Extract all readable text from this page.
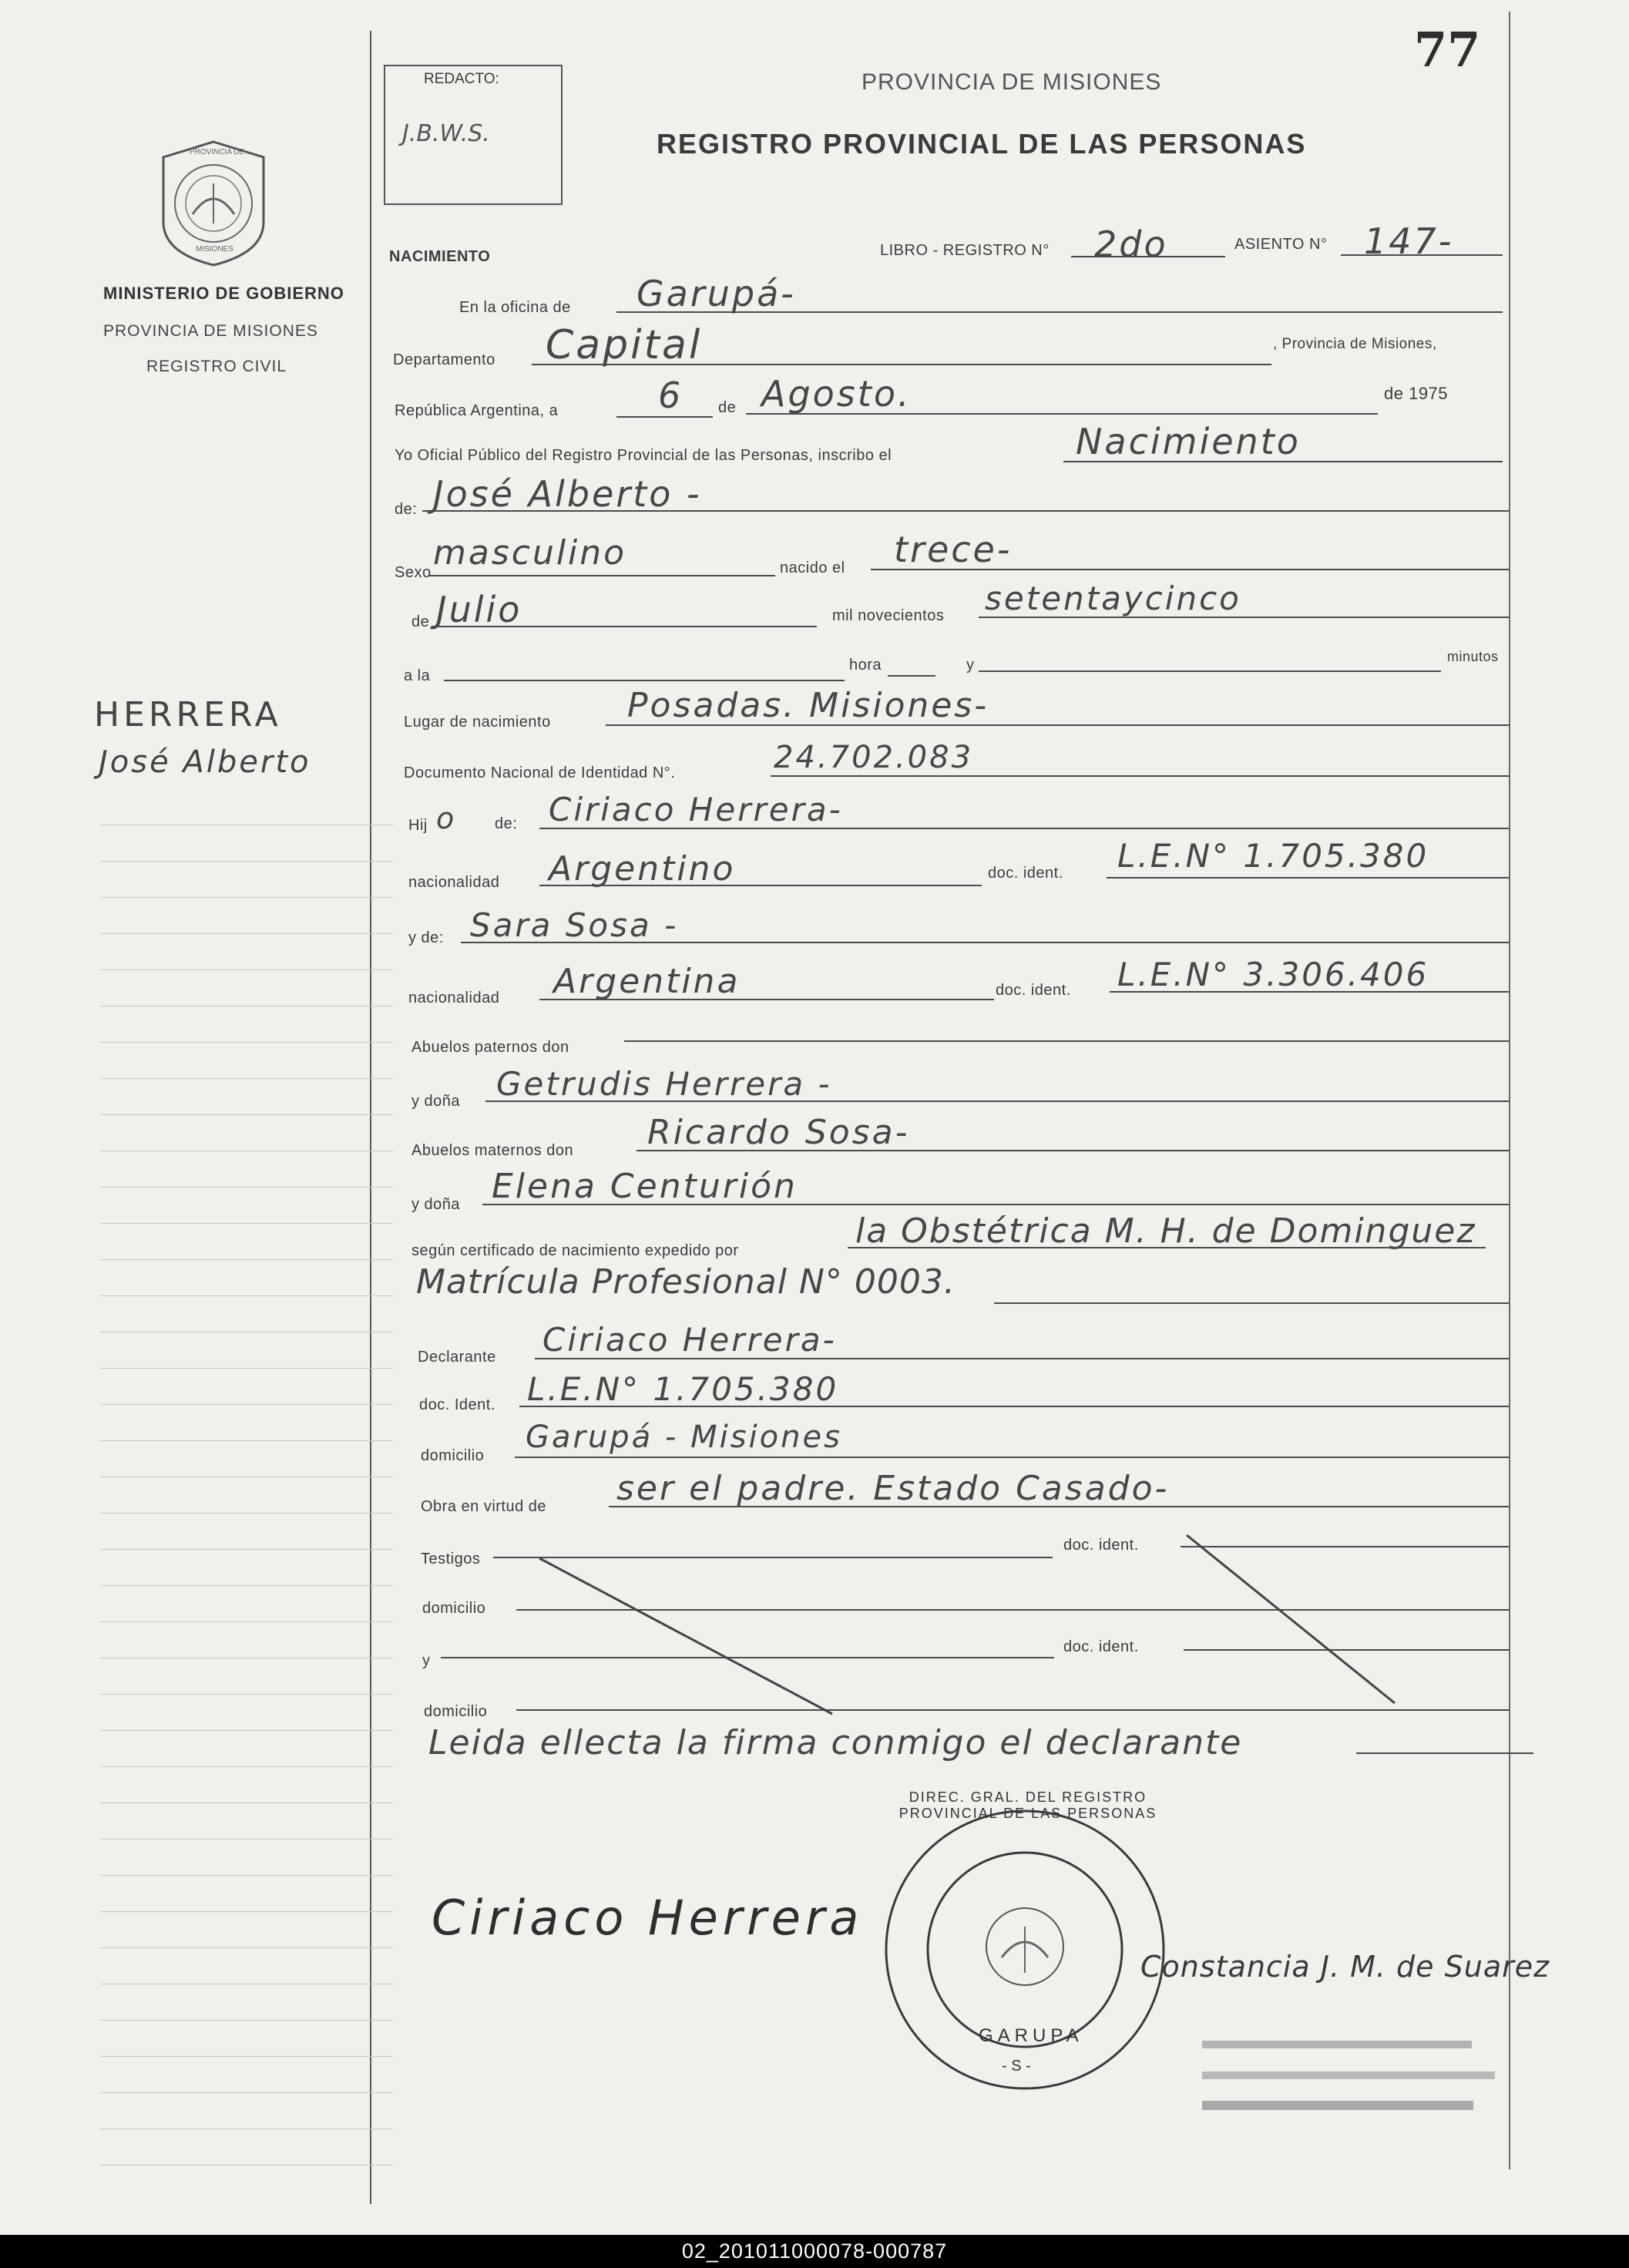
77
REDACTO:
J.B.W.S.
PROVINCIA DE MISIONES
REGISTRO PROVINCIAL DE LAS PERSONAS
PROVINCIA DE
MISIONES
MINISTERIO DE GOBIERNO
PROVINCIA DE MISIONES
REGISTRO CIVIL
HERRERA
José Alberto
NACIMIENTO	LIBRO - REGISTRO N° 2do	ASIENTO N° 147-
En la oficina de Garupá-
Departamento Capital	, Provincia de Misiones,
República Argentina, a	6 de Agosto.	de 1975
Yo Oficial Público del Registro Provincial de las Personas, inscribo el	Nacimiento
de: José Alberto -
Sexo masculino	nacido el trece-
de Julio	mil novecientos setentaycinco
a la
hora	y	minutos
Lugar de nacimiento Posadas. Misiones-
Documento Nacional de Identidad N°.	24.702.083
Hij o de: Ciriaco Herrera-
nacionalidad Argentino	doc. ident. L.E.N° 1.705.380
y de: Sara Sosa -
nacionalidad Argentina	doc. ident. L.E.N° 3.306.406
Abuelos paternos don
y doña Getrudis Herrera -
Abuelos maternos don Ricardo Sosa-
y doña Elena Centurión
según certificado de nacimiento expedido por	la Obstétrica M. H. de Dominguez
Matrícula Profesional N° 0003.
Declarante Ciriaco Herrera-
doc. Ident. L.E.N° 1.705.380
domicilio
Garupá - Misiones
Obra en virtud de ser el padre. Estado Casado-
Testigos
doc. ident.
domicilio
y
doc. ident.
domicilio
Leida ellecta la firma conmigo el declarante
DIREC. GRAL. DEL REGISTRO PROVINCIAL DE LAS PERSONAS
GARUPA
- S -
Ciriaco Herrera
Constancia J. M. de Suarez
02_201011000078-000787
